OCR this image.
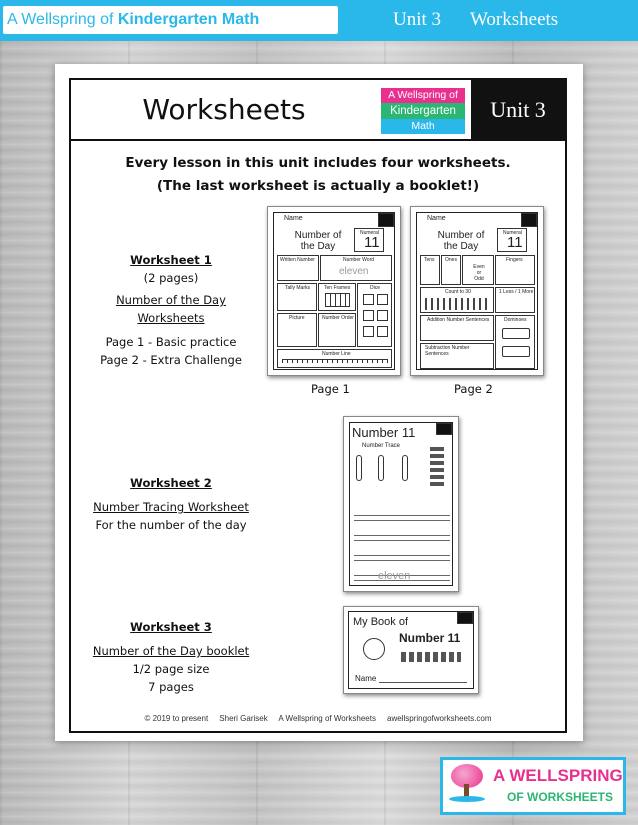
A Wellspring of Kindergarten Math	Unit 3 Worksheets
Worksheets	A Wellspring of
Kindergarten
Math
Unit 3
Every lesson in this unit includes four worksheets.
(The last worksheet is actually a booklet!)
Worksheet 1
(2 pages)
Number of the Day
Worksheets
Page 1 - Basic practice
Page 2 - Extra Challenge
Worksheet 2
Number Tracing Worksheet
For the number of the day
Worksheet 3
Number of the Day booklet
1/2 page size
7 pages
Name
Number of
the Day
Numeral
11
Written Number	Number Word
eleven
Tally Marks	Ten Frames	Dice
Picture	Number Order
Number Line
Page 1
Name
Number of
the Day
Numeral
11
Tens Ones
Even or Odd
Fingers
Count to 30	1 Less / 1 More
Addition Number Sentences
Subtraction Number Sentences
Dominoes
Page 2
Number 11
Number Trace
eleven
My Book of
Number 11
Name
© 2019 to present     Sheri Garisek     A Wellspring of Worksheets     awellspringofworksheets.com
A WELLSPRING
OF WORKSHEETS
